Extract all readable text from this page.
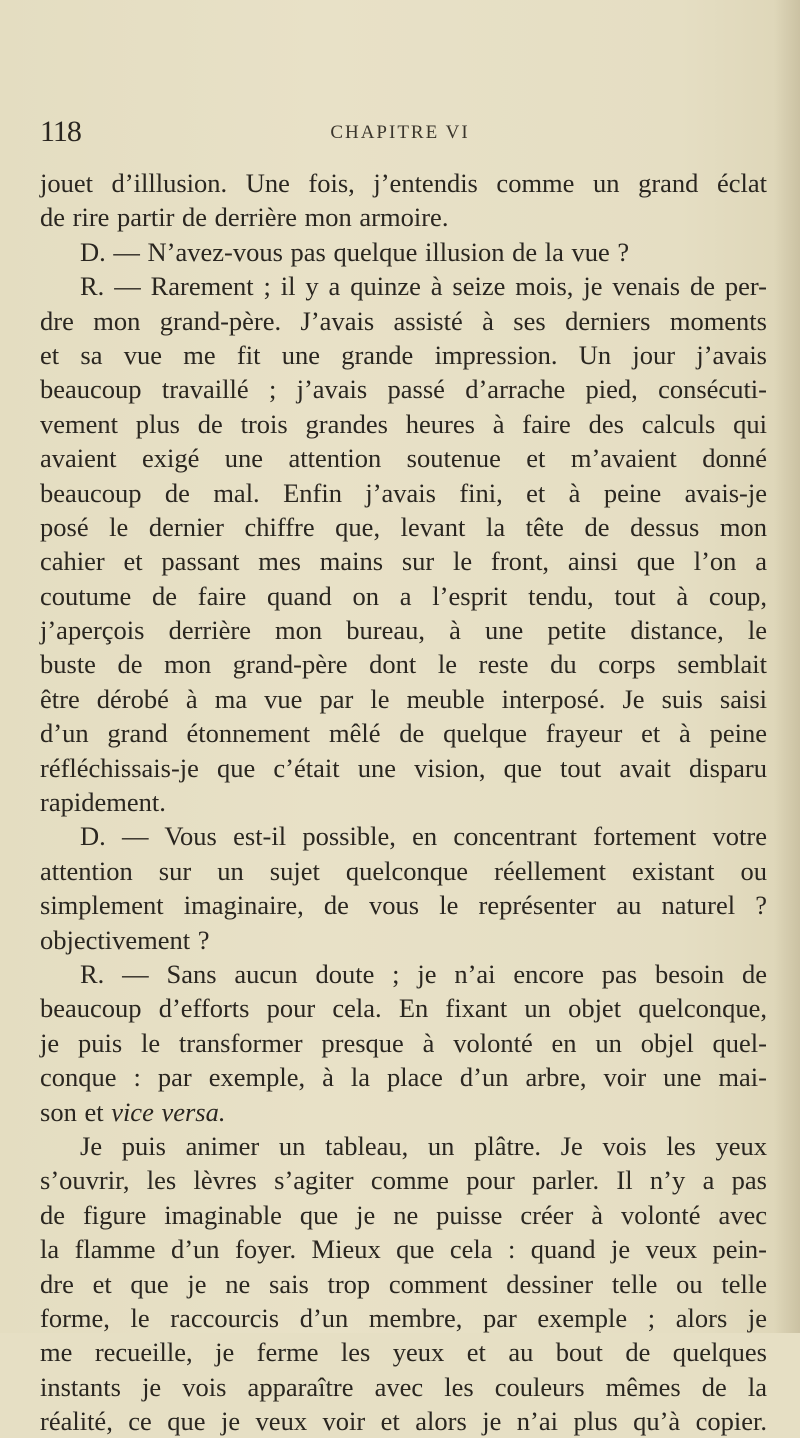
118	CHAPITRE VI
jouet d’illlusion. Une fois, j’entendis comme un grand éclat
de rire partir de derrière mon armoire.
D. — N’avez-vous pas quelque illusion de la vue ?
R. — Rarement ; il y a quinze à seize mois, je venais de per-
dre mon grand-père. J’avais assisté à ses derniers moments
et sa vue me fit une grande impression. Un jour j’avais
beaucoup travaillé ; j’avais passé d’arrache pied, consécuti-
vement plus de trois grandes heures à faire des calculs qui
avaient exigé une attention soutenue et m’avaient donné
beaucoup de mal. Enfin j’avais fini, et à peine avais-je
posé le dernier chiffre que, levant la tête de dessus mon
cahier et passant mes mains sur le front, ainsi que l’on a
coutume de faire quand on a l’esprit tendu, tout à coup,
j’aperçois derrière mon bureau, à une petite distance, le
buste de mon grand-père dont le reste du corps semblait
être dérobé à ma vue par le meuble interposé. Je suis saisi
d’un grand étonnement mêlé de quelque frayeur et à peine
réfléchissais-je que c’était une vision, que tout avait disparu
rapidement.
D. — Vous est-il possible, en concentrant fortement votre
attention sur un sujet quelconque réellement existant ou
simplement imaginaire, de vous le représenter au naturel ?
objectivement ?
R. — Sans aucun doute ; je n’ai encore pas besoin de
beaucoup d’efforts pour cela. En fixant un objet quelconque,
je puis le transformer presque à volonté en un objel quel-
conque : par exemple, à la place d’un arbre, voir une mai-
son et vice versa.
Je puis animer un tableau, un plâtre. Je vois les yeux
s’ouvrir, les lèvres s’agiter comme pour parler. Il n’y a pas
de figure imaginable que je ne puisse créer à volonté avec
la flamme d’un foyer. Mieux que cela : quand je veux pein-
dre et que je ne sais trop comment dessiner telle ou telle
forme, le raccourcis d’un membre, par exemple ; alors je
me recueille, je ferme les yeux et au bout de quelques
instants je vois apparaître avec les couleurs mêmes de la
réalité, ce que je veux voir et alors je n’ai plus qu’à copier.
